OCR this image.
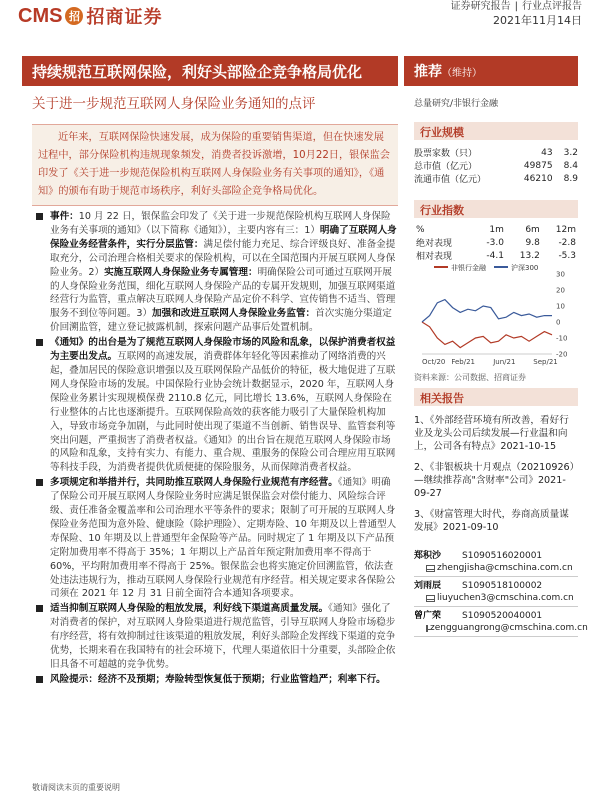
CMS 招 招商证券
证券研究报告 | 行业点评报告
2021年11月14日
持续规范互联网保险，利好头部险企竞争格局优化	推荐（维持）
关于进一步规范互联网人身保险业务通知的点评	总量研究/非银行金融
近年来，互联网保险快速发展，成为保险的重要销售渠道，但在快速发展过程中，部分保险机构违规现象频发，消费者投诉激增，10月22日，银保监会印发了《关于进一步规范保险机构互联网人身保险业务有关事项的通知》，《通知》的颁布有助于规范市场秩序，利好头部险企竞争格局优化。
事件：10 月 22 日，银保监会印发了《关于进一步规范保险机构互联网人身保险业务有关事项的通知》（以下简称《通知》），主要内容有三：1）明确了互联网人身保险业务经营条件，实行分层监管：满足偿付能力充足、综合评级良好、准备金提取充分，公司治理合格相关要求的保险机构，可以在全国范围内开展互联网人身保险业务。2）实施互联网人身保险业务专属管理：明确保险公司可通过互联网开展的人身保险业务范围，细化互联网人身保险产品的专属开发规则，加强互联网渠道经营行为监管，重点解决互联网人身保险产品定价不科学、宣传销售不适当、管理服务不到位等问题。3）加强和改进互联网人身保险业务监管：首次实施分渠道定价回溯监管，建立登记披露机制，探索问题产品事后处置机制。
《通知》的出台是为了规范互联网人身保险市场的风险和乱象，以保护消费者权益为主要出发点。互联网的高速发展，消费群体年轻化等因素推动了网络消费的兴起，叠加居民的保险意识增强以及互联网保险产品低价的特征，极大地促进了互联网人身保险市场的发展。中国保险行业协会统计数据显示，2020 年，互联网人身保险业务累计实现规模保费 2110.8 亿元，同比增长 13.6%，互联网人身保险在行业整体的占比也逐渐提升。互联网保险高效的获客能力吸引了大量保险机构加入，导致市场竞争加剧，与此同时使出现了渠道不当创新、销售误导、监管套利等突出问题，严重损害了消费者权益。《通知》的出台旨在规范互联网人身保险市场的风险和乱象，支持有实力、有能力、重合规、重服务的保险公司合理应用互联网等科技手段，为消费者提供优质便捷的保险服务，从而保障消费者权益。
多项规定和举措并行，共同助推互联网人身保险行业规范有序经营。《通知》明确了保险公司开展互联网人身保险业务时应满足银保监会对偿付能力、风险综合评级、责任准备金覆盖率和公司治理水平等条件的要求；限制了可开展的互联网人身保险业务范围为意外险、健康险（除护理险）、定期寿险、10 年期及以上普通型人寿保险、10 年期及以上普通型年金保险等产品。同时规定了 1 年期及以下产品预定附加费用率不得高于 35%；1 年期以上产品首年预定附加费用率不得高于 60%，平均附加费用率不得高于 25%。银保监会也将实施定价回溯监管，依法查处违法违规行为，推动互联网人身保险行业规范有序经营。相关规定要求各保险公司须在 2021 年 12 月 31 日前全面符合本通知各项要求。
适当抑制互联网人身保险的粗放发展，利好线下渠道高质量发展。《通知》强化了对消费者的保护，对互联网人身险渠道进行规范监管，引导互联网人身险市场稳步有序经营，将有效抑制过往该渠道的粗放发展，利好头部险企发挥线下渠道的竞争优势，长期来看在我国特有的社会环境下，代理人渠道依旧十分重要，头部险企依旧具备不可超越的竞争优势。
风险提示：经济不及预期；寿险转型恢复低于预期；行业监管趋严；利率下行。
行业规模
股票家数（只）	43	3.2
总市值（亿元）	49875	8.4
流通市值（亿元）	46210	8.9
行业指数
%	1m	6m	12m
绝对表现	-3.0	9.8	-2.8
相对表现	-4.1	13.2	-5.3
非银行金融	沪深300
-20
-10
0
10
20
30
Oct/20 Feb/21	Jun/21	Sep/21
资料来源：公司数据、招商证券
相关报告
1、《外部经营环境有所改善，看好行业及龙头公司后续发展—行业温和向上，公司各有特点》2021-10-15
2、《非银板块十月观点（20210926）—继续推荐高"含财率"公司》2021-09-27
3、《财富管理大时代，券商高质量谋发展》2021-09-10
郑积沙	S1090516020001
zhengjisha@cmschina.com.cn
刘雨辰	S1090518100002
liuyuchen3@cmschina.com.cn
曾广荣	S1090520040001
zengguangrong@cmschina.com.cn
敬请阅读末页的重要说明
